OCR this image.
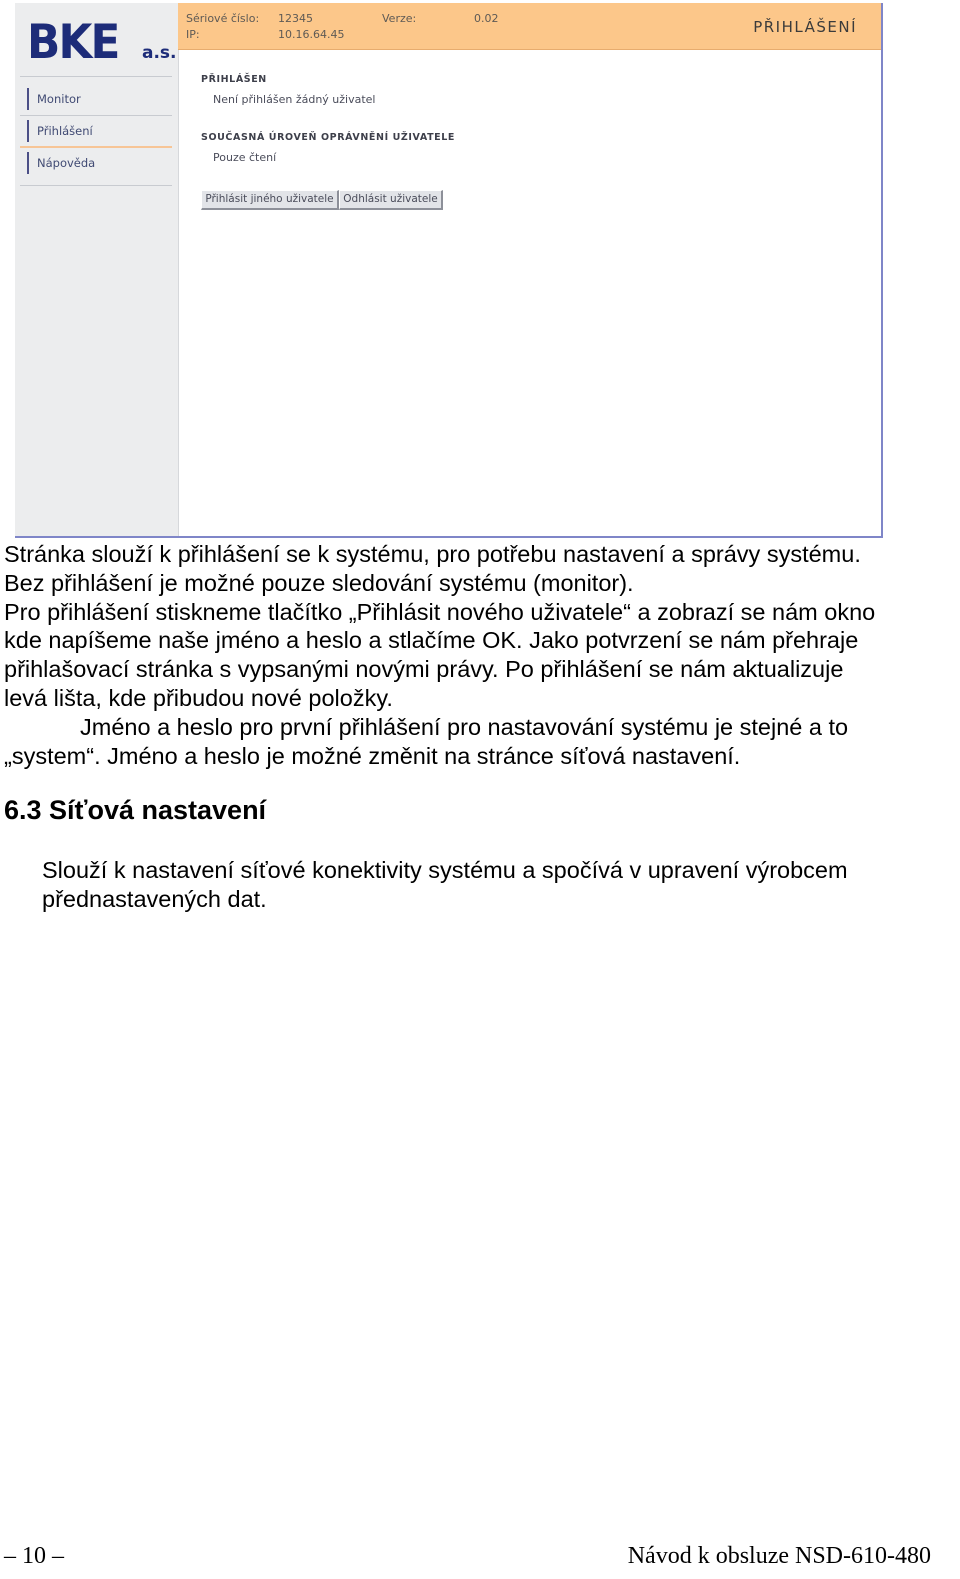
BKE a.s.
Monitor
Přihlášení
Nápověda
Sériové číslo: 12345	Verze:	0.02
IP:	10.16.64.45	PŘIHLÁŠENÍ
PŘIHLÁŠEN
Není přihlášen žádný uživatel
SOUČASNÁ ÚROVEŇ OPRÁVNĚNÍ UŽIVATELE
Pouze čtení
Přihlásit jiného uživatele Odhlásit uživatele

Stránka slouží k přihlášení se k systému, pro potřebu nastavení a správy systému.

Bez přihlášení je možné pouze sledování systému (monitor).

Pro přihlášení stiskneme tlačítko „Přihlásit nového uživatele“ a zobrazí se nám okno

kde napíšeme naše jméno a heslo a stlačíme OK. Jako potvrzení se nám přehraje

přihlašovací stránka s vypsanými novými právy. Po přihlášení se nám aktualizuje

levá lišta, kde přibudou nové položky.

Jméno a heslo pro první přihlášení pro nastavování systému je stejné a to

„system“. Jméno a heslo je možné změnit na stránce síťová nastavení.

6.3 Síťová nastavení

Slouží k nastavení síťové konektivity systému a spočívá v upravení výrobcem

přednastavených dat.

– 10 –	Návod k obsluze NSD-610-480
